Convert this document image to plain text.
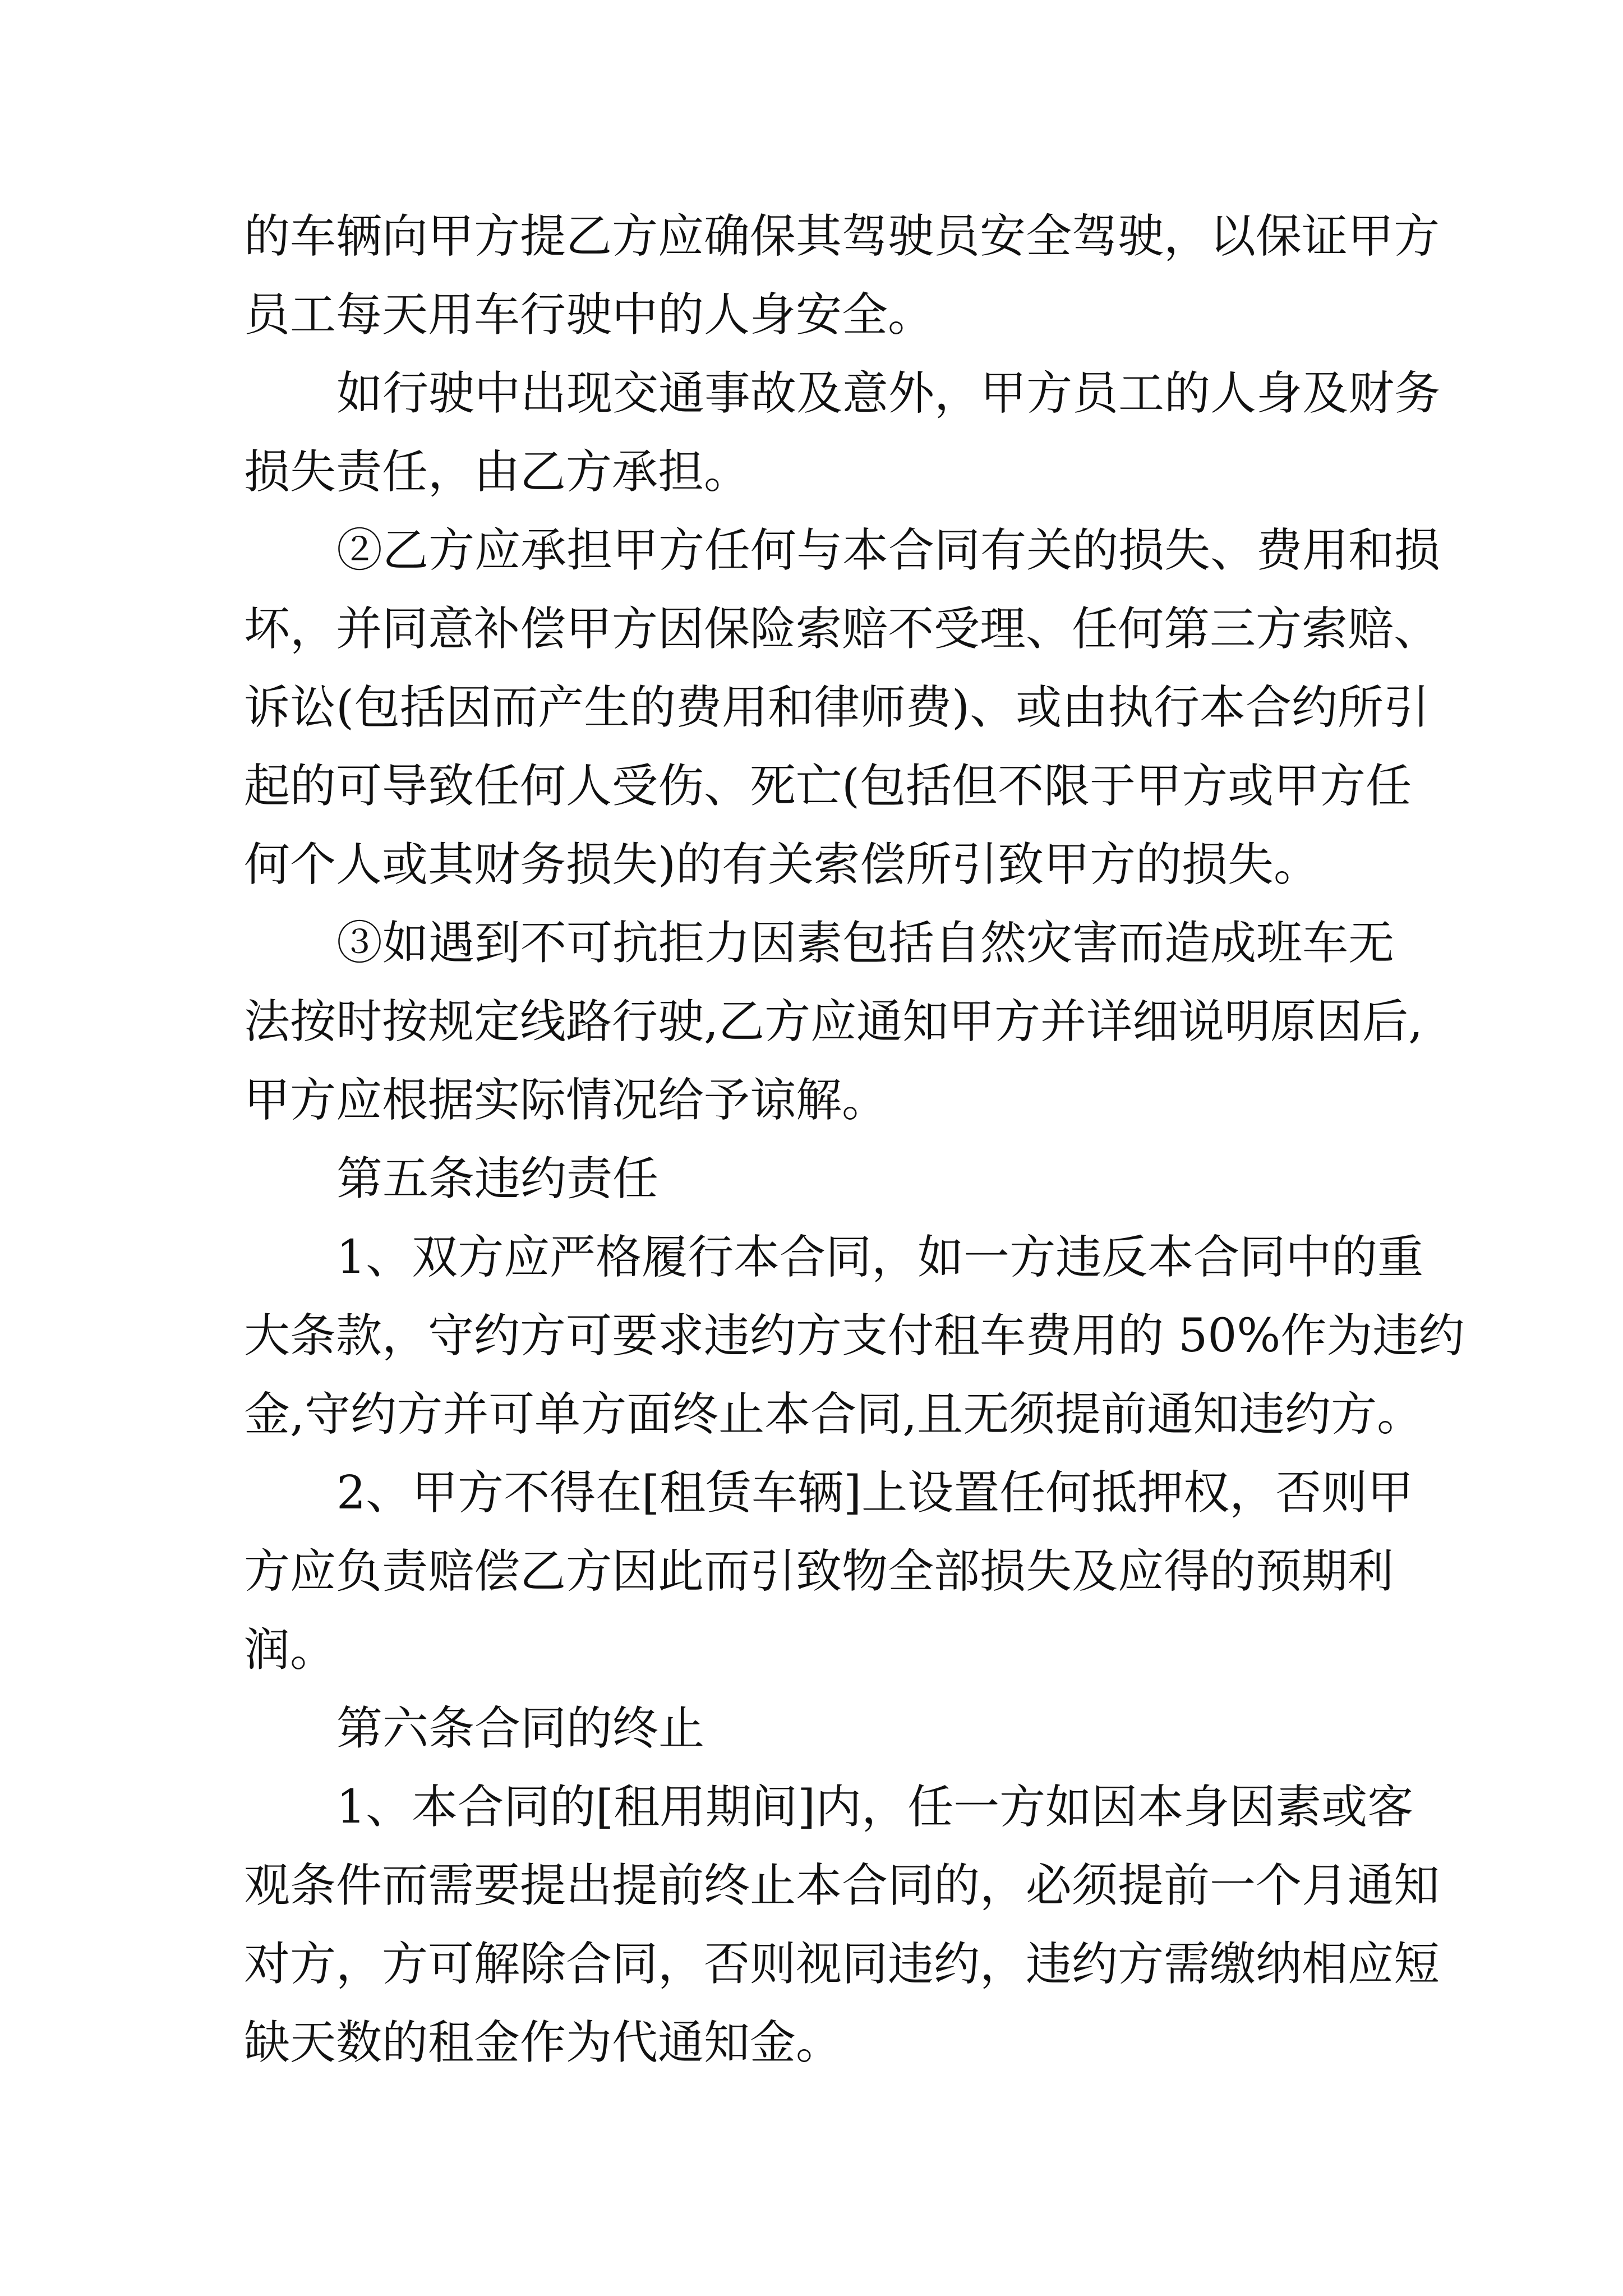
的车辆向甲方提乙方应确保其驾驶员安全驾驶，以保证甲方

员工每天用车行驶中的人身安全。

如行驶中出现交通事故及意外，甲方员工的人身及财务

损失责任，由乙方承担。

②乙方应承担甲方任何与本合同有关的损失、费用和损

坏，并同意补偿甲方因保险索赔不受理、任何第三方索赔、

诉讼(包括因而产生的费用和律师费)、或由执行本合约所引

起的可导致任何人受伤、死亡(包括但不限于甲方或甲方任

何个人或其财务损失)的有关索偿所引致甲方的损失。

③如遇到不可抗拒力因素包括自然灾害而造成班车无

法按时按规定线路行驶,乙方应通知甲方并详细说明原因后,

甲方应根据实际情况给予谅解。

第五条违约责任

1、双方应严格履行本合同，如一方违反本合同中的重

大条款，守约方可要求违约方支付租车费用的 50%作为违约

金,守约方并可单方面终止本合同,且无须提前通知违约方。

2、甲方不得在[租赁车辆]上设置任何抵押权，否则甲

方应负责赔偿乙方因此而引致物全部损失及应得的预期利

润。

第六条合同的终止

1、本合同的[租用期间]内，任一方如因本身因素或客

观条件而需要提出提前终止本合同的，必须提前一个月通知

对方，方可解除合同，否则视同违约，违约方需缴纳相应短

缺天数的租金作为代通知金。
